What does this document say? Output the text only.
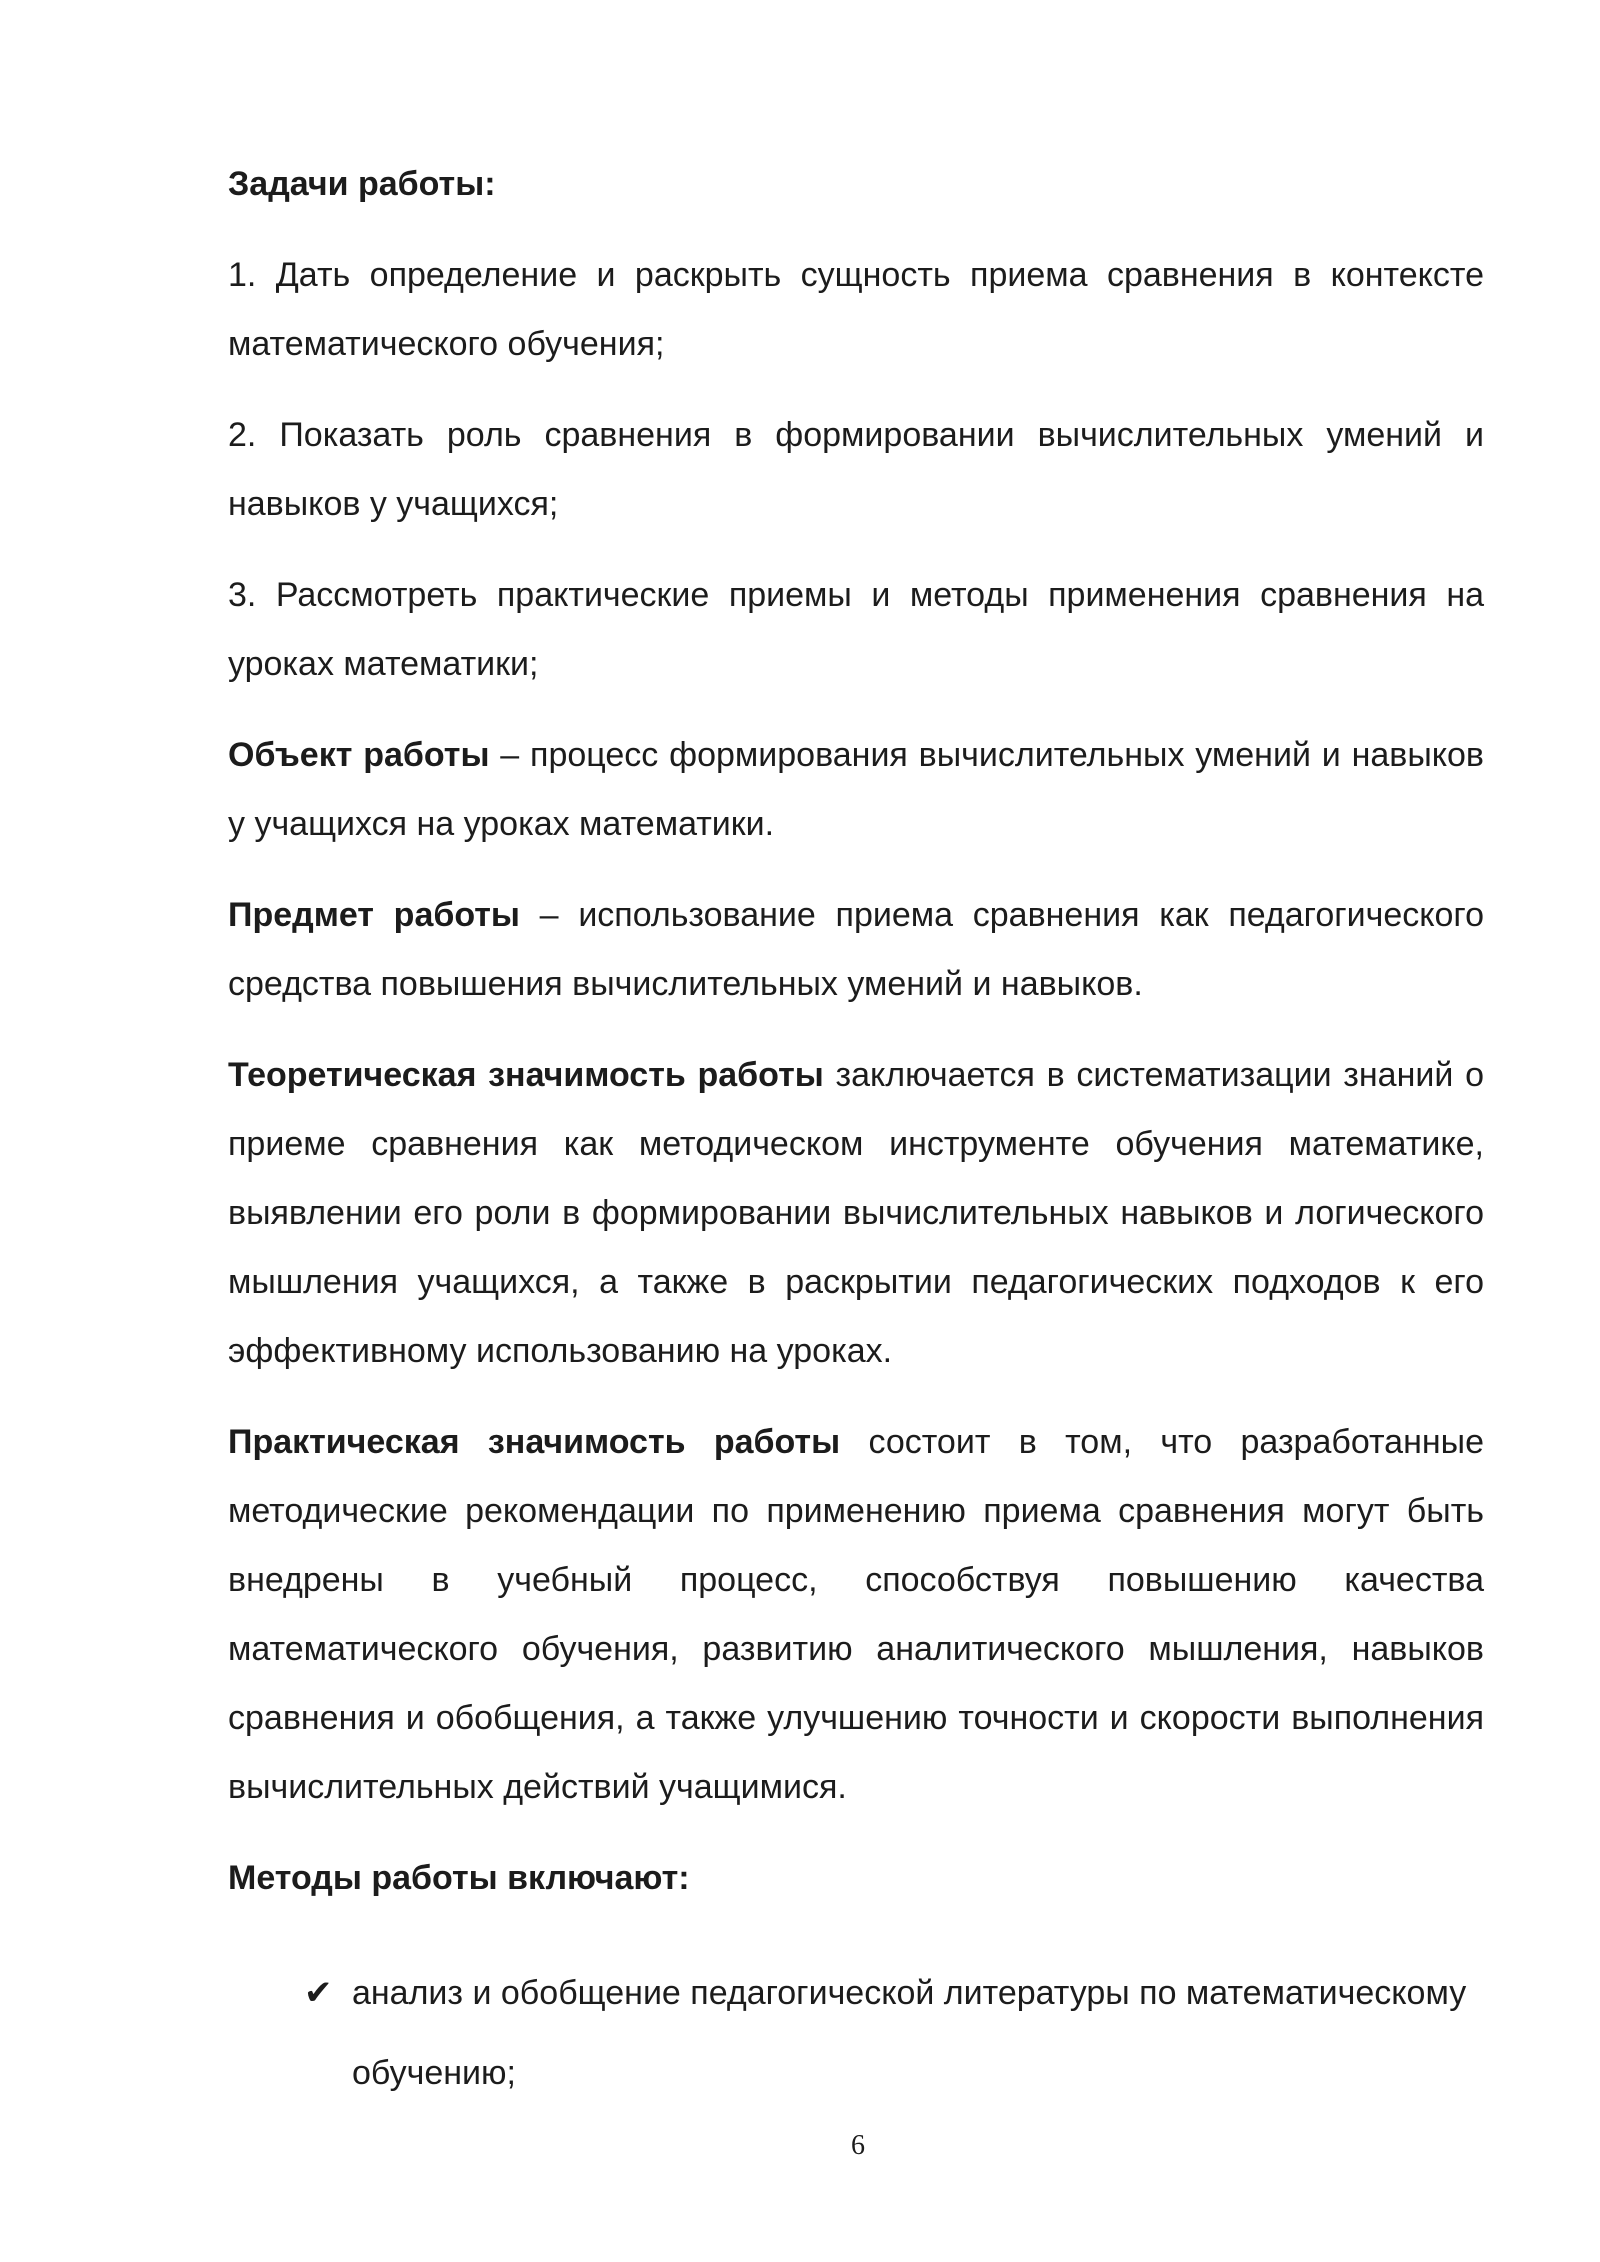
Задачи работы:

1. Дать определение и раскрыть сущность приема сравнения в контексте математического обучения;

2. Показать роль сравнения в формировании вычислительных умений и навыков у учащихся;

3. Рассмотреть практические приемы и методы применения сравнения на уроках математики;

Объект работы – процесс формирования вычислительных умений и навыков у учащихся на уроках математики.

Предмет работы – использование приема сравнения как педагогического средства повышения вычислительных умений и навыков.

Теоретическая значимость работы заключается в систематизации знаний о приеме сравнения как методическом инструменте обучения математике, выявлении его роли в формировании вычислительных навыков и логического мышления учащихся, а также в раскрытии педагогических подходов к его эффективному использованию на уроках.

Практическая значимость работы состоит в том, что разработанные методические рекомендации по применению приема сравнения могут быть внедрены в учебный процесс, способствуя повышению качества математического обучения, развитию аналитического мышления, навыков сравнения и обобщения, а также улучшению точности и скорости выполнения вычислительных действий учащимися.

Методы работы включают:
✔ анализ и обобщение педагогической литературы по математическому обучению;
6
